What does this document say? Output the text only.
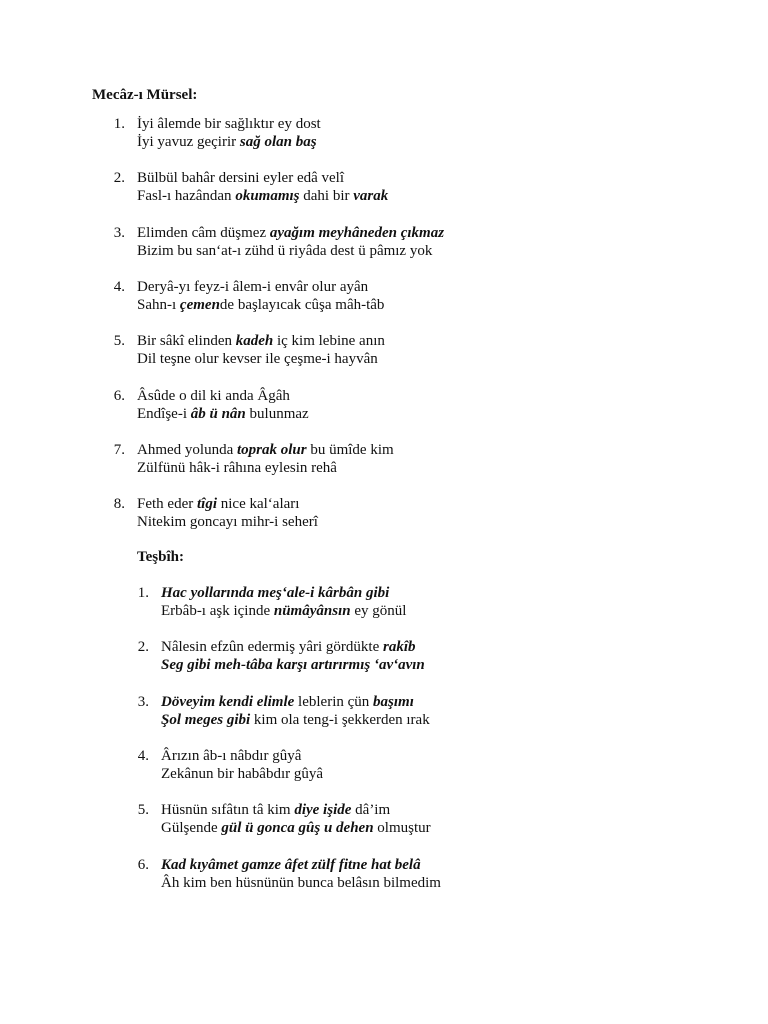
Mecâz-ı Mürsel:
1. İyi âlemde bir sağlıktır ey dost
İyi yavuz geçirir sağ olan baş
2. Bülbül bahâr dersini eyler edâ velî
Fasl-ı hazândan okumamış dahi bir varak
3. Elimden câm düşmez ayağım meyhâneden çıkmaz
Bizim bu san‘at-ı zühd ü riyâda dest ü pâmız yok
4. Deryâ-yı feyz-i âlem-i envâr olur ayân
Sahn-ı çemende başlayıcak cûşa mâh-tâb
5. Bir sâkî elinden kadeh iç kim lebine anın
Dil teşne olur kevser ile çeşme-i hayvân
6. Âsûde o dil ki anda Âgâh
Endîşe-i âb ü nân bulunmaz
7. Ahmed yolunda toprak olur bu ümîde kim
Zülfünü hâk-i râhına eylesin rehâ
8. Feth eder tîgi nice kal‘aları
Nitekim goncayı mihr-i seherî
Teşbîh:
1. Hac yollarında meş‘ale-i kârbân gibi
Erbâb-ı aşk içinde nümâyânsın ey gönül
2. Nâlesin efzûn edermiş yâri gördükte rakîb
Seg gibi meh-tâba karşı artırırmış ‘av‘avın
3. Döveyim kendi elimle leblerin çün başımı
Şol meges gibi kim ola teng-i şekkerden ırak
4. Ârızın âb-ı nâbdır gûyâ
Zekânun bir habâbdır gûyâ
5. Hüsnün sıfâtın tâ kim diye işide dâ’im
Gülşende gül ü gonca gûş u dehen olmuştur
6. Kad kıyâmet gamze âfet zülf fitne hat belâ
Âh kim ben hüsnünün bunca belâsın bilmedim
